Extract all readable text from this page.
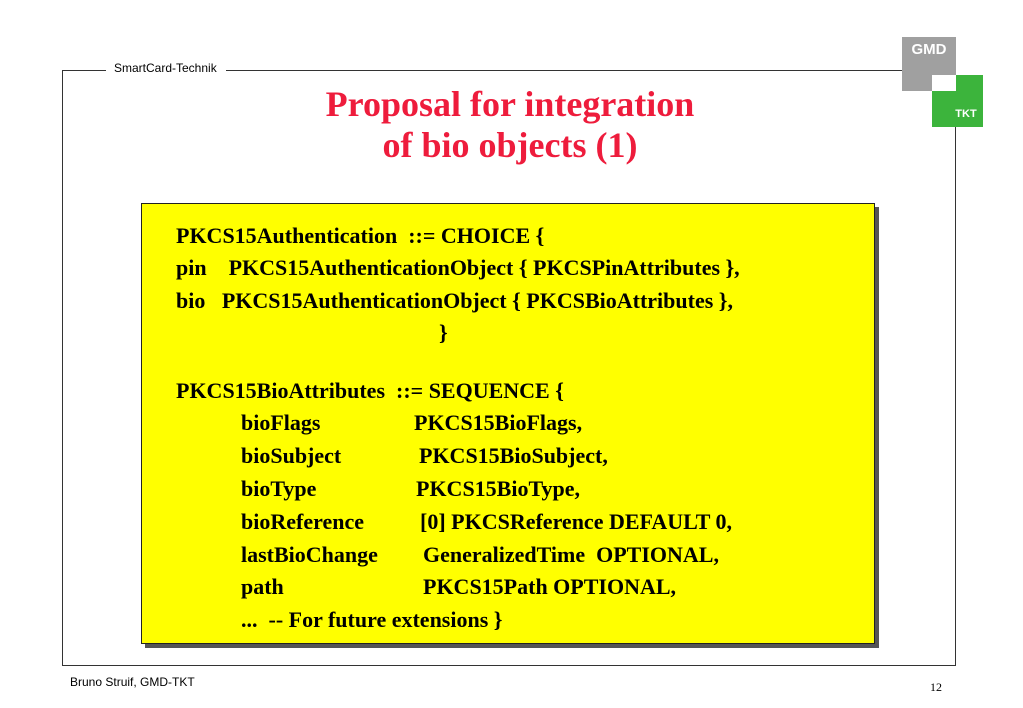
SmartCard-Technik
GMD
TKT
Proposal for integration
of bio objects (1)
PKCS15Authentication  ::= CHOICE {
pin    PKCS15AuthenticationObject { PKCSPinAttributes },
bio   PKCS15AuthenticationObject { PKCSBioAttributes },
}
PKCS15BioAttributes  ::= SEQUENCE {
bioFlags	PKCS15BioFlags,
bioSubject	PKCS15BioSubject,
bioType	PKCS15BioType,
bioReference	[0] PKCSReference DEFAULT 0,
lastBioChange GeneralizedTime  OPTIONAL,
path	PKCS15Path OPTIONAL,
...  -- For future extensions }
Bruno Struif, GMD-TKT	12
